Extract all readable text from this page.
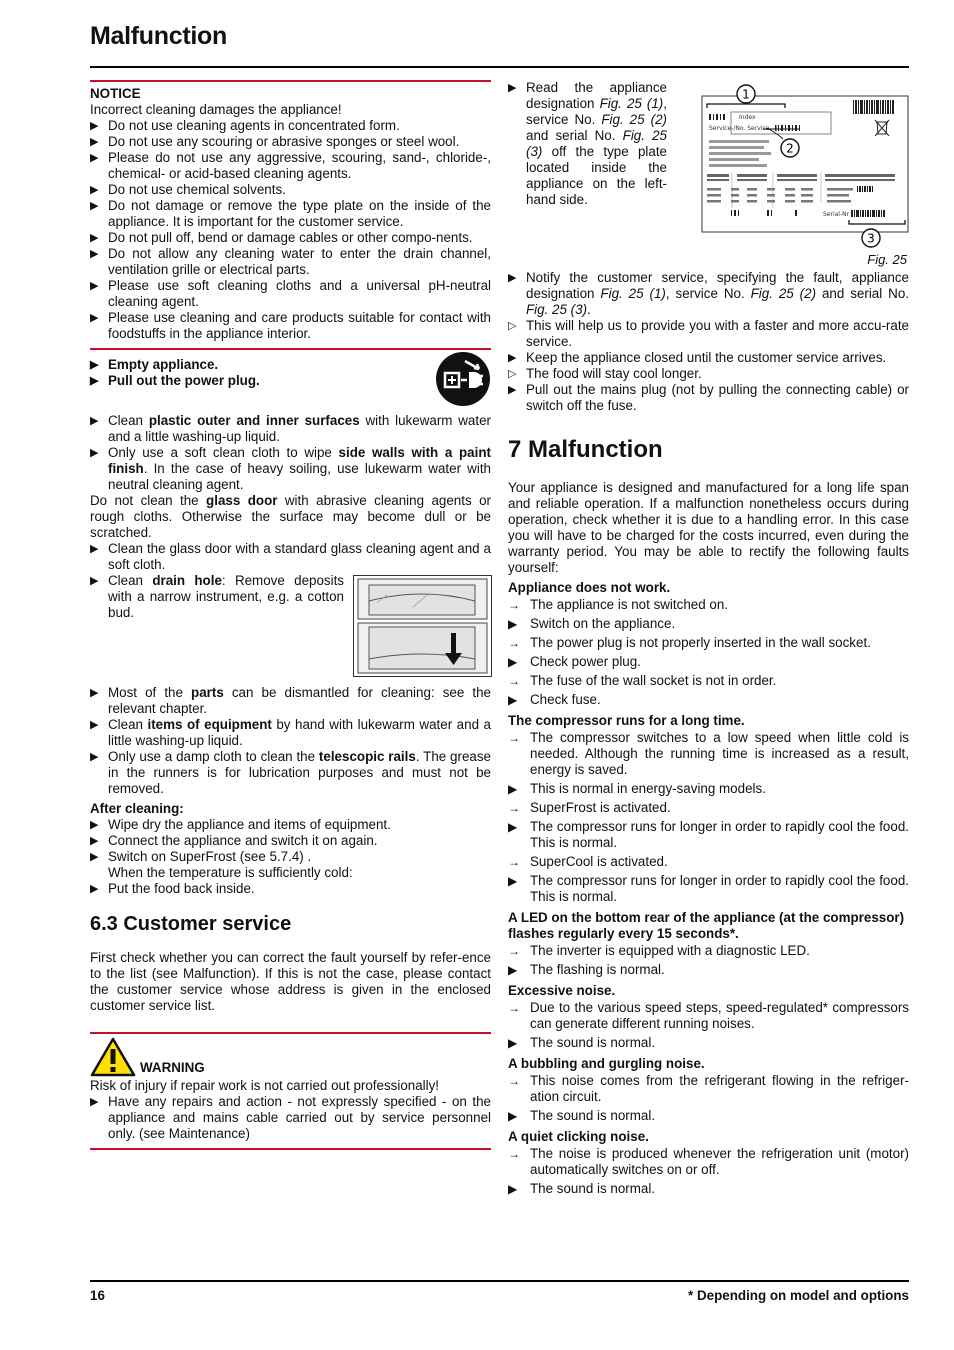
Malfunction
NOTICE
Incorrect cleaning damages the appliance!
▶ Do not use cleaning agents in concentrated form.
▶ Do not use any scouring or abrasive sponges or steel wool.
▶ Please do not use any aggressive, scouring, sand-, chloride-, chemical- or acid-based cleaning agents.
▶ Do not use chemical solvents.
▶ Do not damage or remove the type plate on the inside of the appliance. It is important for the customer service.
▶ Do not pull off, bend or damage cables or other compo-nents.
▶ Do not allow any cleaning water to enter the drain channel, ventilation grille or electrical parts.
▶ Please use soft cleaning cloths and a universal pH-neutral cleaning agent.
▶ Please use cleaning and care products suitable for contact with foodstuffs in the appliance interior.
▶ Empty appliance.
▶ Pull out the power plug.
▶ Clean plastic outer and inner surfaces with lukewarm water and a little washing-up liquid.
▶ Only use a soft clean cloth to wipe side walls with a paint finish. In the case of heavy soiling, use lukewarm water with neutral cleaning agent.
Do not clean the glass door with abrasive cleaning agents or rough cloths. Otherwise the surface may become dull or be scratched.
▶ Clean the glass door with a standard glass cleaning agent and a soft cloth.
▶ Clean drain hole: Remove deposits with a narrow instrument, e.g. a cotton bud.
▶ Most of the parts can be dismantled for cleaning: see the relevant chapter.
▶ Clean items of equipment by hand with lukewarm water and a little washing-up liquid.
▶ Only use a damp cloth to clean the telescopic rails. The grease in the runners is for lubrication purposes and must not be removed.
After cleaning:
▶ Wipe dry the appliance and items of equipment.
▶ Connect the appliance and switch it on again.
▶ Switch on SuperFrost (see 5.7.4) .
When the temperature is sufficiently cold:
▶ Put the food back inside.
6.3 Customer service
First check whether you can correct the fault yourself by refer-ence to the list (see Malfunction). If this is not the case, please contact the customer service whose address is given in the enclosed customer service list.
WARNING
Risk of injury if repair work is not carried out professionally!
▶ Have any repairs and action - not expressly specified - on the appliance and mains cable carried out by service personnel only. (see Maintenance)
▶ Read the appliance designation Fig. 25 (1), service No. Fig. 25 (2) and serial No. Fig. 25 (3) off the type plate located inside the appliance on the left-hand side.
1
Index
Service-/No. Service
2
Serial-Nr
3
Fig. 25
▶ Notify the customer service, specifying the fault, appliance designation Fig. 25 (1), service No. Fig. 25 (2) and serial No. Fig. 25 (3).
▷ This will help us to provide you with a faster and more accu-rate service.
▶ Keep the appliance closed until the customer service arrives.
▷ The food will stay cool longer.
▶ Pull out the mains plug (not by pulling the connecting cable) or switch off the fuse.
7 Malfunction
Your appliance is designed and manufactured for a long life span and reliable operation. If a malfunction nonetheless occurs during operation, check whether it is due to a handling error. In this case you will have to be charged for the costs incurred, even during the warranty period. You may be able to rectify the following faults yourself:
Appliance does not work.
→ The appliance is not switched on.
▶ Switch on the appliance.
→ The power plug is not properly inserted in the wall socket.
▶ Check power plug.
→ The fuse of the wall socket is not in order.
▶ Check fuse.
The compressor runs for a long time.
→ The compressor switches to a low speed when little cold is needed. Although the running time is increased as a result, energy is saved.
▶ This is normal in energy-saving models.
→ SuperFrost is activated.
▶ The compressor runs for longer in order to rapidly cool the food. This is normal.
→ SuperCool is activated.
▶ The compressor runs for longer in order to rapidly cool the food. This is normal.
A LED on the bottom rear of the appliance (at the compressor) flashes regularly every 15 seconds*.
→ The inverter is equipped with a diagnostic LED.
▶ The flashing is normal.
Excessive noise.
→ Due to the various speed steps, speed-regulated* compressors can generate different running noises.
▶ The sound is normal.
A bubbling and gurgling noise.
→ This noise comes from the refrigerant flowing in the refriger-ation circuit.
▶ The sound is normal.
A quiet clicking noise.
→ The noise is produced whenever the refrigeration unit (motor) automatically switches on or off.
▶ The sound is normal.
16	* Depending on model and options
